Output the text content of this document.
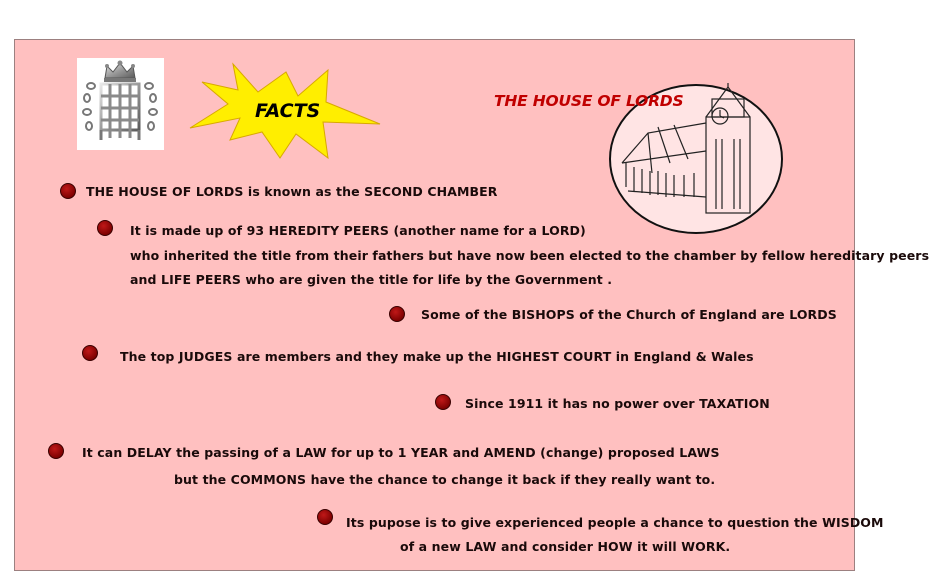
FACTS	THE HOUSE OF LORDS
THE HOUSE OF LORDS is known as the SECOND CHAMBER
It is made up of 93 HEREDITY PEERS (another name for a LORD)
who inherited the title from their fathers but have now been elected to the chamber by fellow hereditary peers
and LIFE PEERS who are given the title for life by the Government .
Some of the BISHOPS of the Church of England are LORDS
The top JUDGES are members and they make up the HIGHEST COURT in England & Wales
Since 1911 it has no power over TAXATION
It can DELAY the passing of a LAW for up to 1 YEAR and AMEND (change) proposed LAWS
but the COMMONS have the chance to change it back if they really want to.
Its pupose is to give experienced people a chance to question the WISDOM
of a new LAW and consider HOW it will WORK.
